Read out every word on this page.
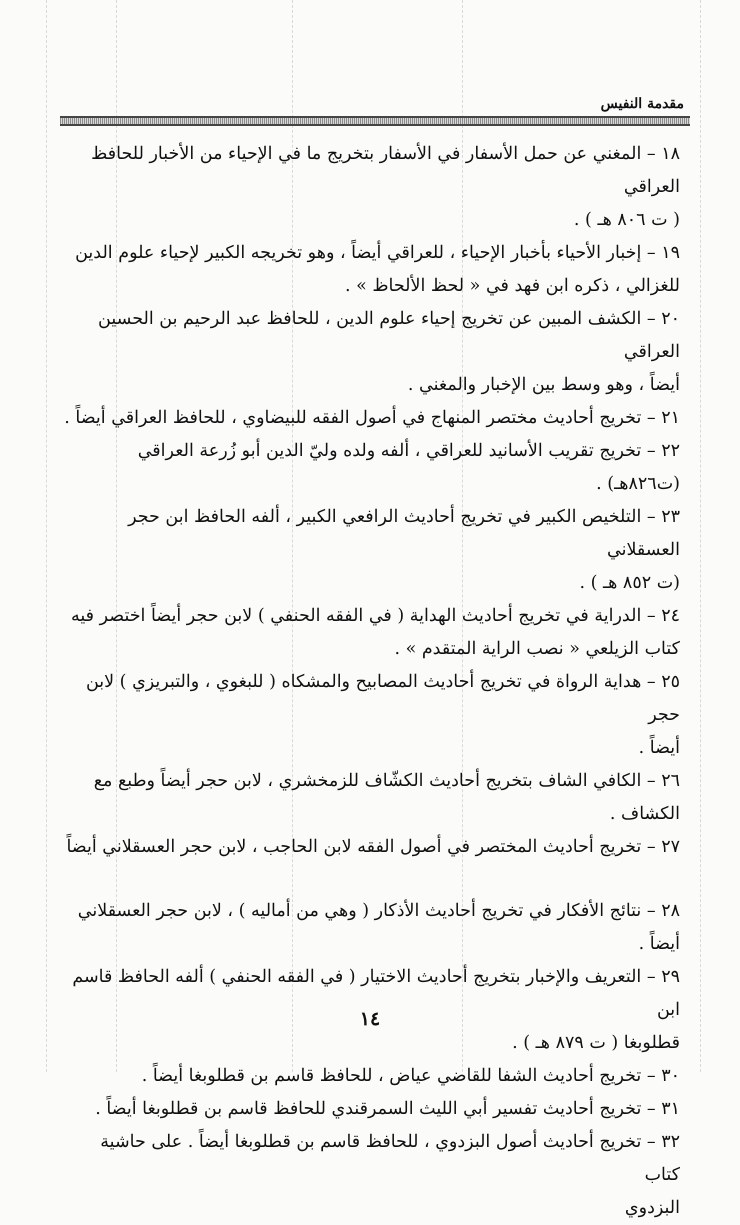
مقدمة النفيس

١٨ – المغني عن حمل الأسفار في الأسفار بتخريج ما في الإحياء من الأخبار للحافظ العراقي
( ت ٨٠٦ هـ ) .

١٩ – إخبار الأحياء بأخبار الإحياء ، للعراقي أيضاً ، وهو تخريجه الكبير لإحياء علوم الدين
للغزالي ، ذكره ابن فهد في « لحظ الألحاظ » .

٢٠ – الكشف المبين عن تخريج إحياء علوم الدين ، للحافظ عبد الرحيم بن الحسين العراقي
أيضاً ، وهو وسط بين الإخبار والمغني .

٢١ – تخريج أحاديث مختصر المنهاج في أصول الفقه للبيضاوي ، للحافظ العراقي أيضاً .

٢٢ – تخريج تقريب الأسانيد للعراقي ، ألفه ولده وليّ الدين أبو زُرعة العراقي (ت٨٢٦هـ) .

٢٣ – التلخيص الكبير في تخريج أحاديث الرافعي الكبير ، ألفه الحافظ ابن حجر العسقلاني
(ت ٨٥٢ هـ ) .

٢٤ – الدراية في تخريج أحاديث الهداية ( في الفقه الحنفي ) لابن حجر أيضاً اختصر فيه
كتاب الزيلعي « نصب الراية المتقدم » .

٢٥ – هداية الرواة في تخريج أحاديث المصابيح والمشكاه ( للبغوي ، والتبريزي ) لابن حجر
أيضاً .

٢٦ – الكافي الشاف بتخريج أحاديث الكشّاف للزمخشري ، لابن حجر أيضاً وطبع مع
الكشاف .

٢٧ – تخريج أحاديث المختصر في أصول الفقه لابن الحاجب ، لابن حجر العسقلاني أيضاً

٢٨ – نتائج الأفكار في تخريج أحاديث الأذكار ( وهي من أماليه ) ، لابن حجر العسقلاني
أيضاً .

٢٩ – التعريف والإخبار بتخريج أحاديث الاختيار ( في الفقه الحنفي ) ألفه الحافظ قاسم ابن
قطلوبغا ( ت ٨٧٩ هـ ) .

٣٠ – تخريج أحاديث الشفا للقاضي عياض ، للحافظ قاسم بن قطلوبغا أيضاً .

٣١ – تخريج أحاديث تفسير أبي الليث السمرقندي للحافظ قاسم بن قطلوبغا أيضاً .

٣٢ – تخريج أحاديث أصول البزدوي ، للحافظ قاسم بن قطلوبغا أيضاً . على حاشية كتاب
البزدوي

١٤
